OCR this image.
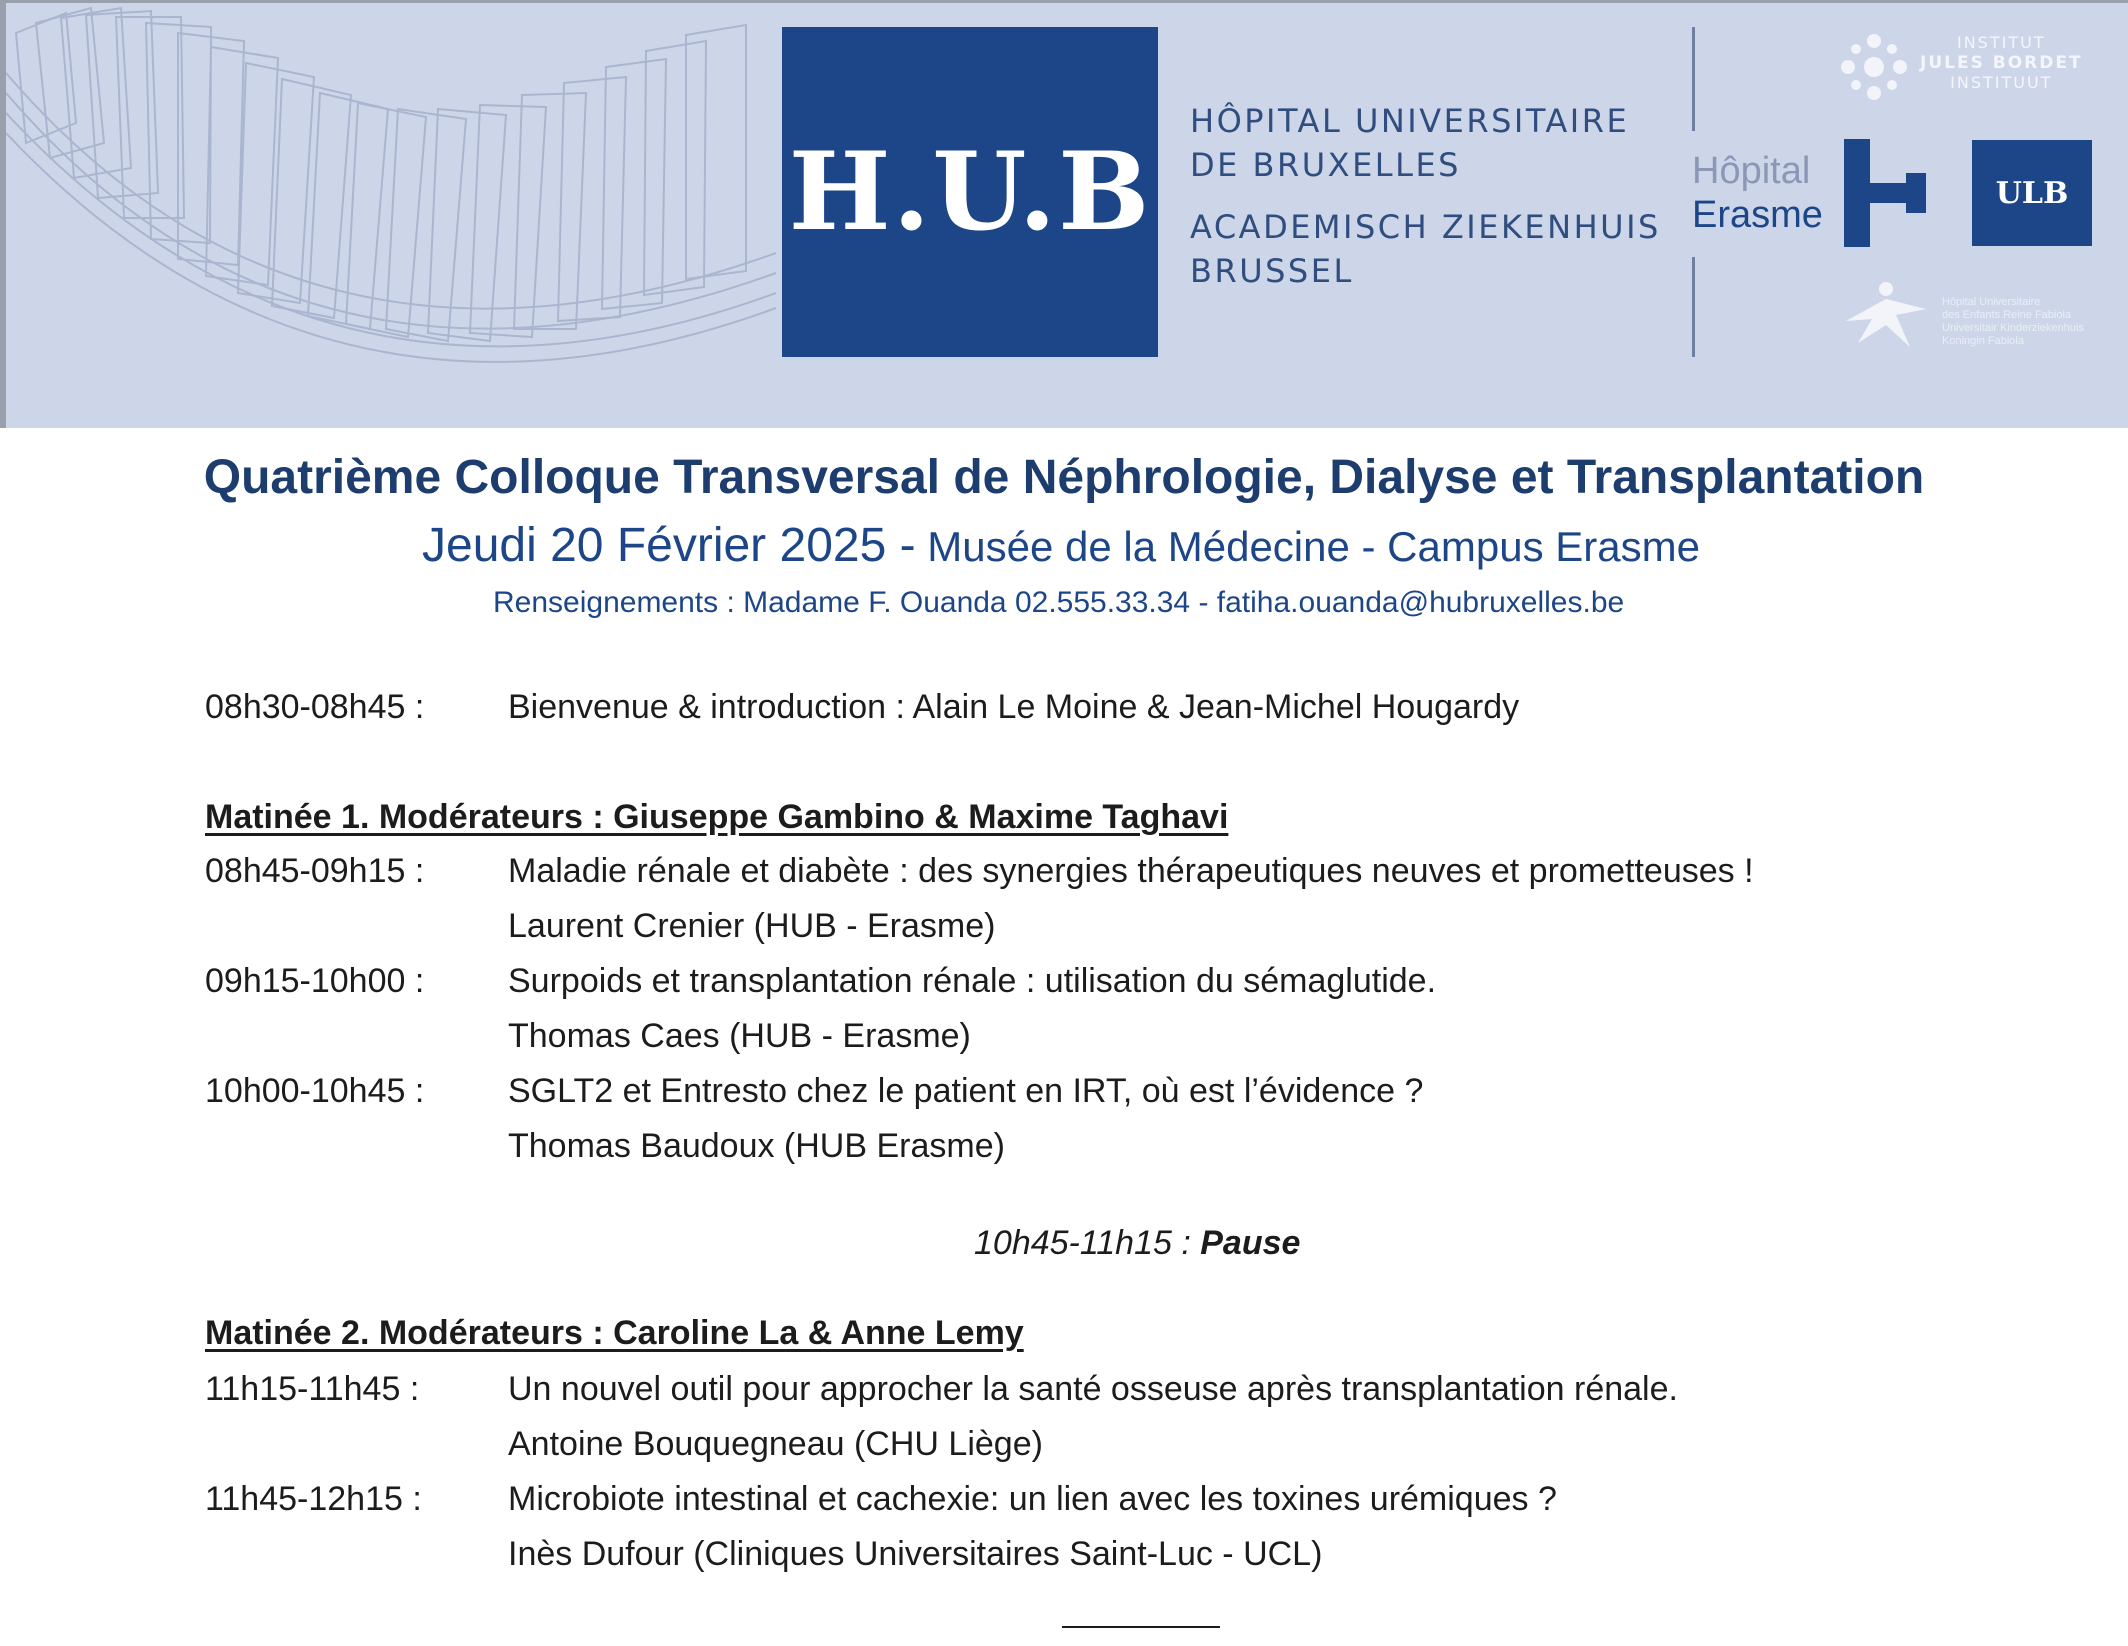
H.U.B
HÔPITAL UNIVERSITAIRE
DE BRUXELLES
ACADEMISCH ZIEKENHUIS
BRUSSEL
INSTITUT
JULES BORDET
INSTITUUT
Hôpital
Erasme
ULB
Hôpital Universitaire
des Enfants Reine Fabiola
Universitair Kinderziekenhuis
Koningin Fabiola
Quatrième Colloque Transversal de Néphrologie, Dialyse et Transplantation
Jeudi 20 Février 2025 - Musée de la Médecine - Campus Erasme
Renseignements : Madame F. Ouanda 02.555.33.34 - fatiha.ouanda@hubruxelles.be
08h30-08h45 : Bienvenue & introduction : Alain Le Moine & Jean-Michel Hougardy
Matinée 1. Modérateurs : Giuseppe Gambino & Maxime Taghavi
08h45-09h15 : Maladie rénale et diabète : des synergies thérapeutiques neuves et prometteuses !
Laurent Crenier (HUB - Erasme)
09h15-10h00 : Surpoids et transplantation rénale : utilisation du sémaglutide.
Thomas Caes (HUB - Erasme)
10h00-10h45 : SGLT2 et Entresto chez le patient en IRT, où est l’évidence ?
Thomas Baudoux (HUB Erasme)
10h45-11h15 : Pause
Matinée 2. Modérateurs : Caroline La & Anne Lemy
11h15-11h45 :	Un nouvel outil pour approcher la santé osseuse après transplantation rénale.
Antoine Bouquegneau (CHU Liège)
11h45-12h15 :	Microbiote intestinal et cachexie: un lien avec les toxines urémiques ?
Inès Dufour (Cliniques Universitaires Saint-Luc - UCL)
